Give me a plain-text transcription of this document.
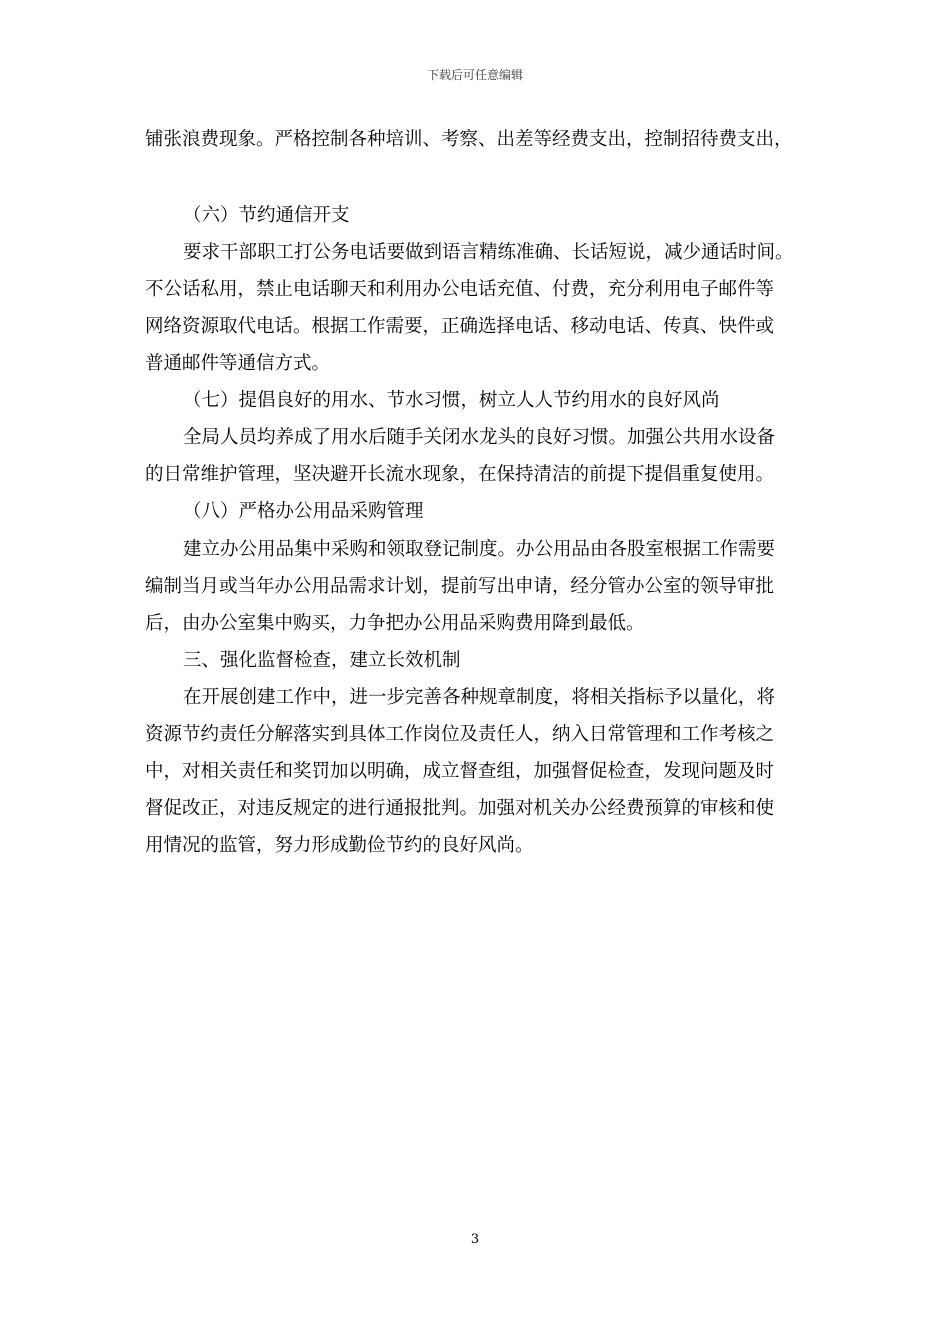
下载后可任意编辑
铺张浪费现象。严格控制各种培训、考察、出差等经费支出，控制招待费支出，
（六）节约通信开支
要求干部职工打公务电话要做到语言精练准确、长话短说，减少通话时间。
不公话私用，禁止电话聊天和利用办公电话充值、付费，充分利用电子邮件等
网络资源取代电话。根据工作需要，正确选择电话、移动电话、传真、快件或
普通邮件等通信方式。
（七）提倡良好的用水、节水习惯，树立人人节约用水的良好风尚
全局人员均养成了用水后随手关闭水龙头的良好习惯。加强公共用水设备
的日常维护管理，坚决避开长流水现象，在保持清洁的前提下提倡重复使用。
（八）严格办公用品采购管理
建立办公用品集中采购和领取登记制度。办公用品由各股室根据工作需要
编制当月或当年办公用品需求计划，提前写出申请，经分管办公室的领导审批
后，由办公室集中购买，力争把办公用品采购费用降到最低。
三、强化监督检查，建立长效机制
在开展创建工作中，进一步完善各种规章制度，将相关指标予以量化，将
资源节约责任分解落实到具体工作岗位及责任人，纳入日常管理和工作考核之
中，对相关责任和奖罚加以明确，成立督查组，加强督促检查，发现问题及时
督促改正，对违反规定的进行通报批判。加强对机关办公经费预算的审核和使
用情况的监管，努力形成勤俭节约的良好风尚。
3
